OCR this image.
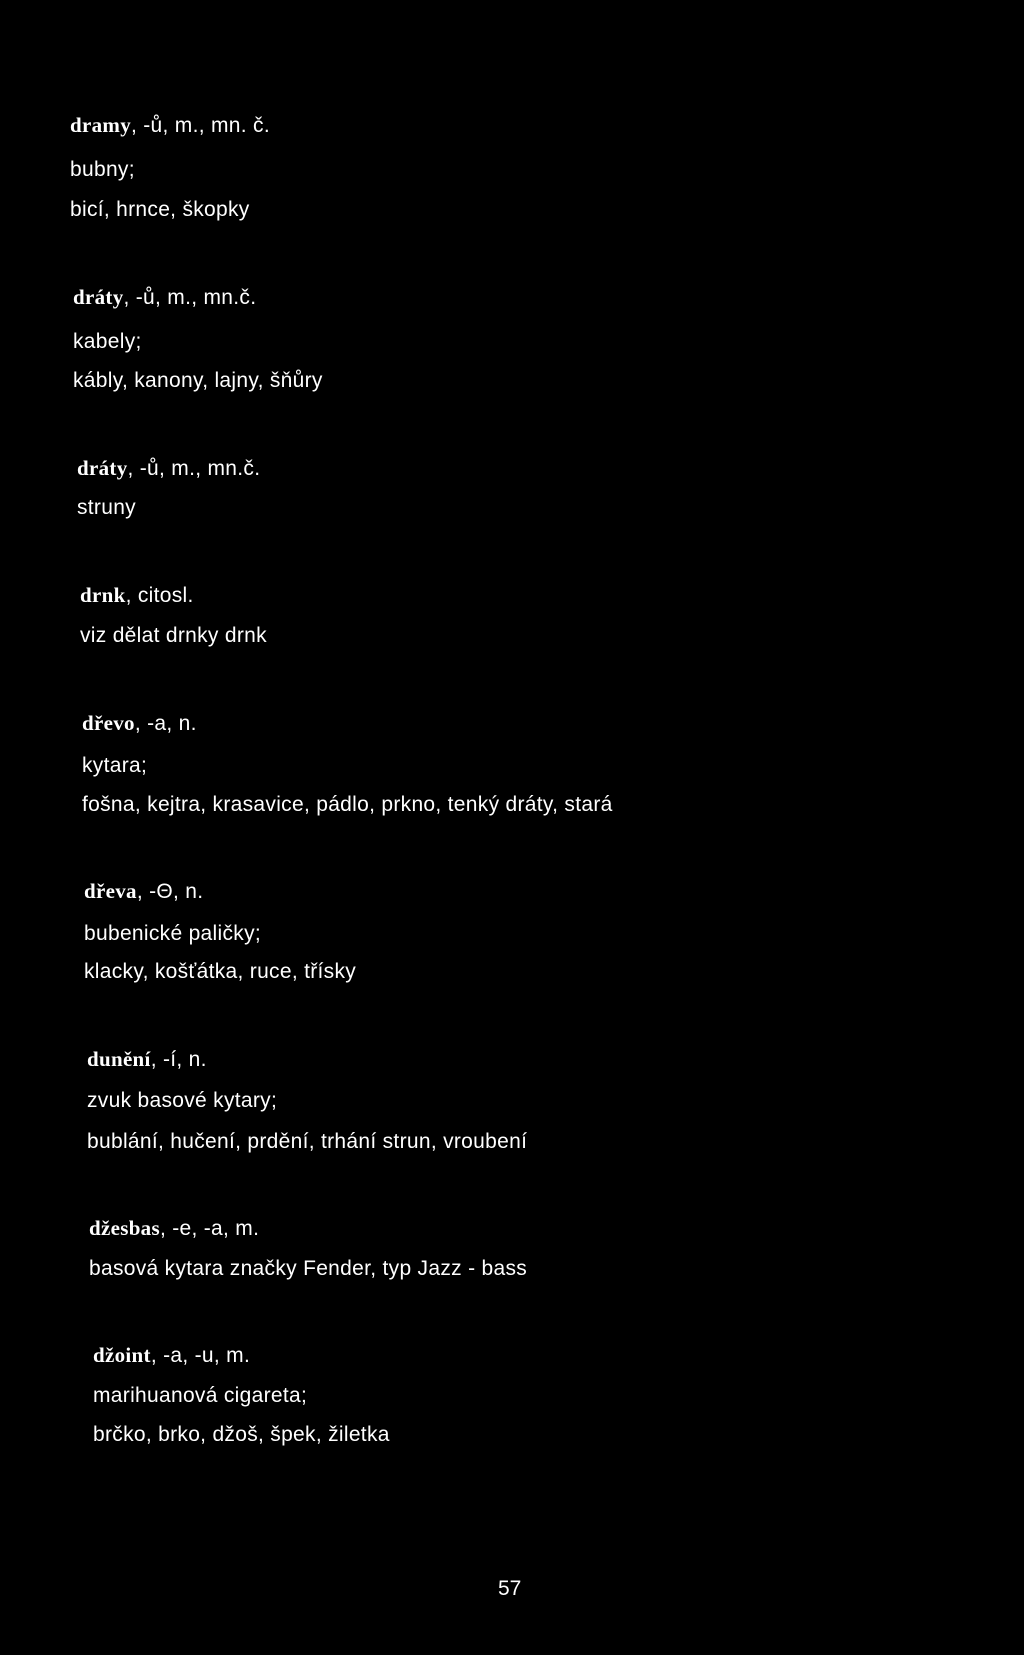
dramy, -ů, m., mn. č.
bubny;
bicí, hrnce, škopky
dráty, -ů, m., mn.č.
kabely;
kábly, kanony, lajny, šňůry
dráty, -ů, m., mn.č.
struny
drnk, citosl.
viz dělat drnky drnk
dřevo, -a, n.
kytara;
fošna, kejtra, krasavice, pádlo, prkno, tenký dráty, stará
dřeva, -Θ, n.
bubenické paličky;
klacky, košťátka, ruce, třísky
dunění, -í, n.
zvuk basové kytary;
bublání, hučení, prdění, trhání strun, vroubení
džesbas, -e, -a, m.
basová kytara značky Fender, typ Jazz - bass
džoint, -a, -u, m.
marihuanová cigareta;
brčko, brko, džoš, špek, žiletka
57
